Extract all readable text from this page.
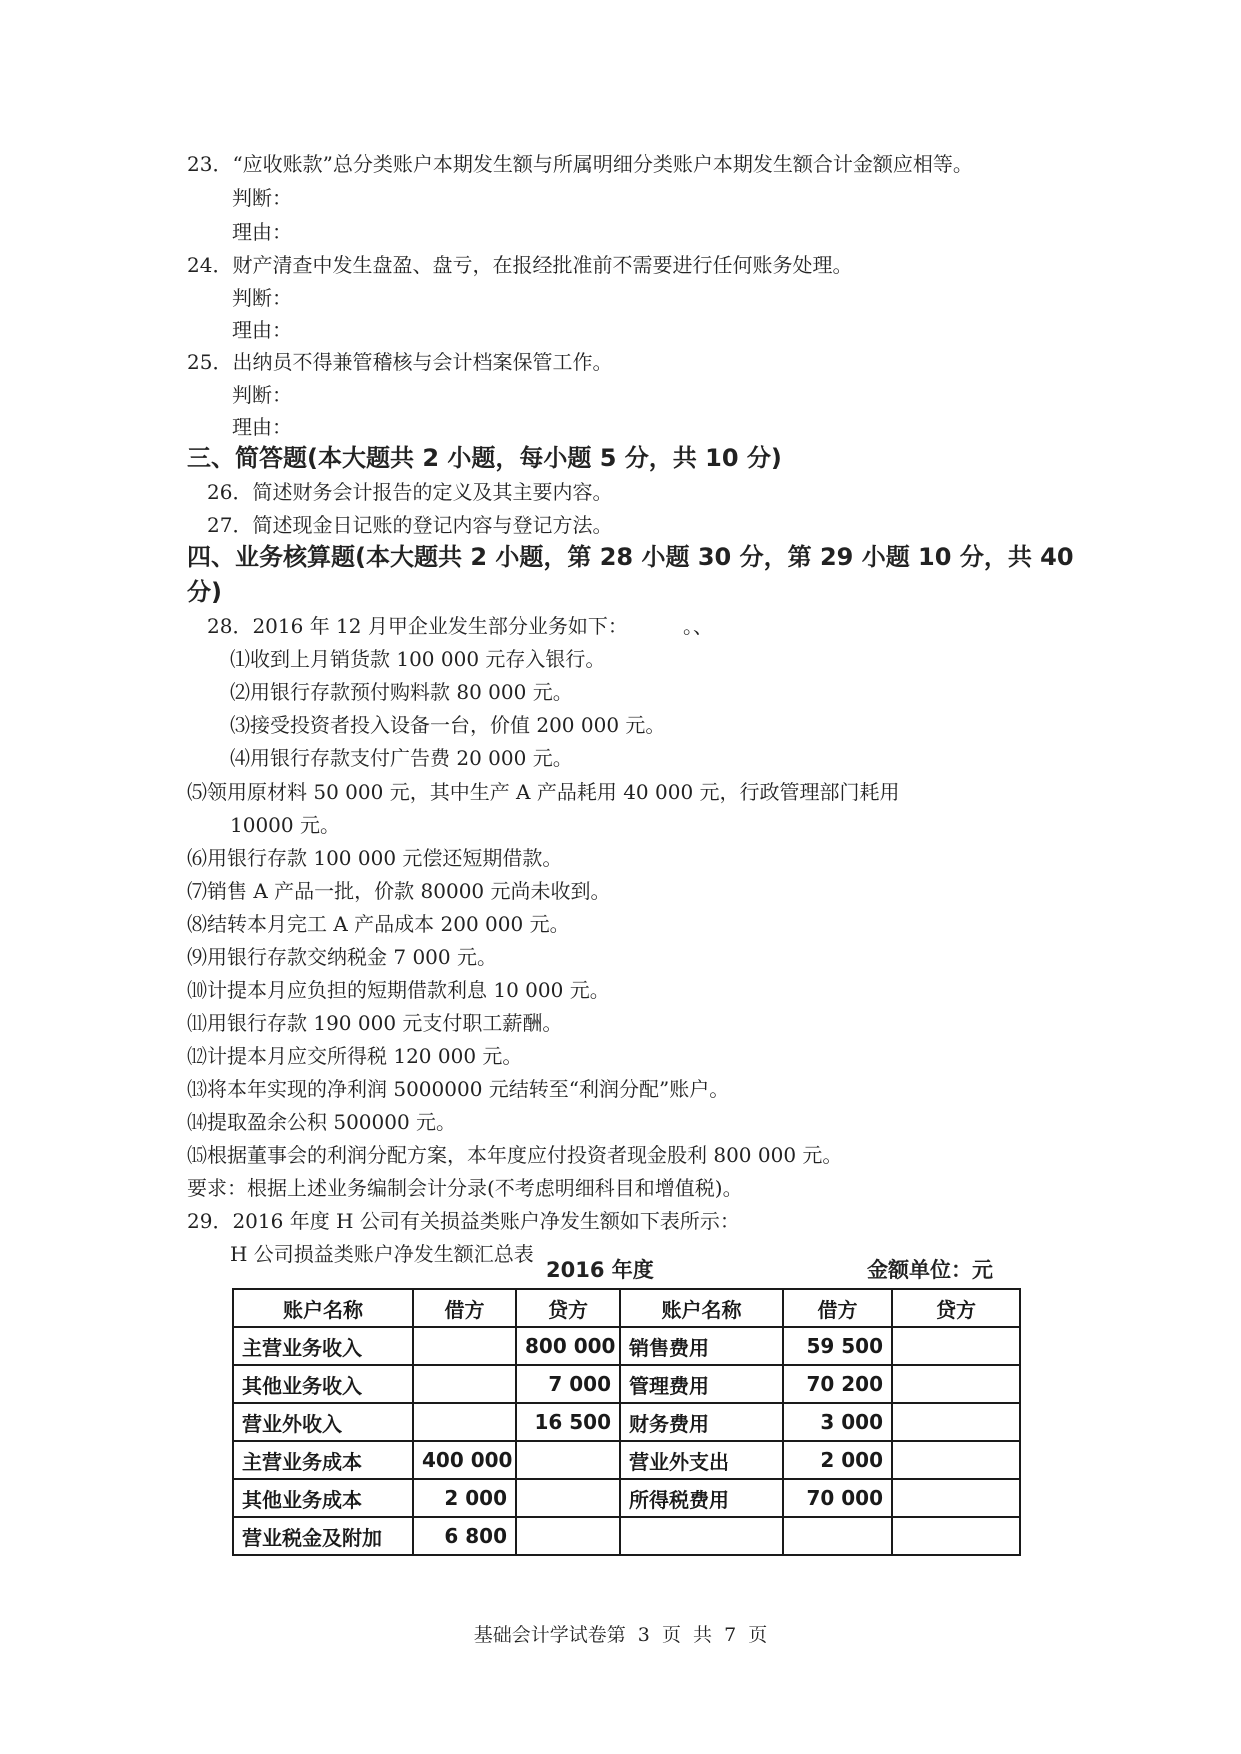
23．“应收账款”总分类账户本期发生额与所属明细分类账户本期发生额合计金额应相等。
判断：
理由：
24．财产清查中发生盘盈、盘亏，在报经批准前不需要进行任何账务处理。
判断：
理由：
25．出纳员不得兼管稽核与会计档案保管工作。
判断：
理由：
三、简答题(本大题共 2 小题，每小题 5 分，共 10 分)
26．简述财务会计报告的定义及其主要内容。
27．简述现金日记账的登记内容与登记方法。
四、业务核算题(本大题共 2 小题，第 28 小题 30 分，第 29 小题 10 分，共 40
分)
28．2016 年 12 月甲企业发生部分业务如下：	。、
⑴收到上月销货款 100 000 元存入银行。
⑵用银行存款预付购料款 80 000 元。
⑶接受投资者投入设备一台，价值 200 000 元。
⑷用银行存款支付广告费 20 000 元。
⑸领用原材料 50 000 元，其中生产 A 产品耗用 40 000 元，行政管理部门耗用
10000 元。
⑹用银行存款 100 000 元偿还短期借款。
⑺销售 A 产品一批，价款 80000 元尚未收到。
⑻结转本月完工 A 产品成本 200 000 元。
⑼用银行存款交纳税金 7 000 元。
⑽计提本月应负担的短期借款利息 10 000 元。
⑾用银行存款 190 000 元支付职工薪酬。
⑿计提本月应交所得税 120 000 元。
⒀将本年实现的净利润 5000000 元结转至“利润分配”账户。
⒁提取盈余公积 500000 元。
⒂根据董事会的利润分配方案，本年度应付投资者现金股利 800 000 元。
要求：根据上述业务编制会计分录(不考虑明细科目和增值税)。
29．2016 年度 H 公司有关损益类账户净发生额如下表所示：
H 公司损益类账户净发生额汇总表
2016 年度	金额单位：元
账户名称	借方	贷方	账户名称	借方	贷方
主营业务收入		800 000	销售费用	59 500	
其他业务收入		7 000	管理费用	70 200	
营业外收入		16 500	财务费用	3 000	
主营业务成本	400 000		营业外支出	2 000	
其他业务成本	2 000		所得税费用	70 000	
营业税金及附加	6 800				
基础会计学试卷第  3  页  共  7  页
